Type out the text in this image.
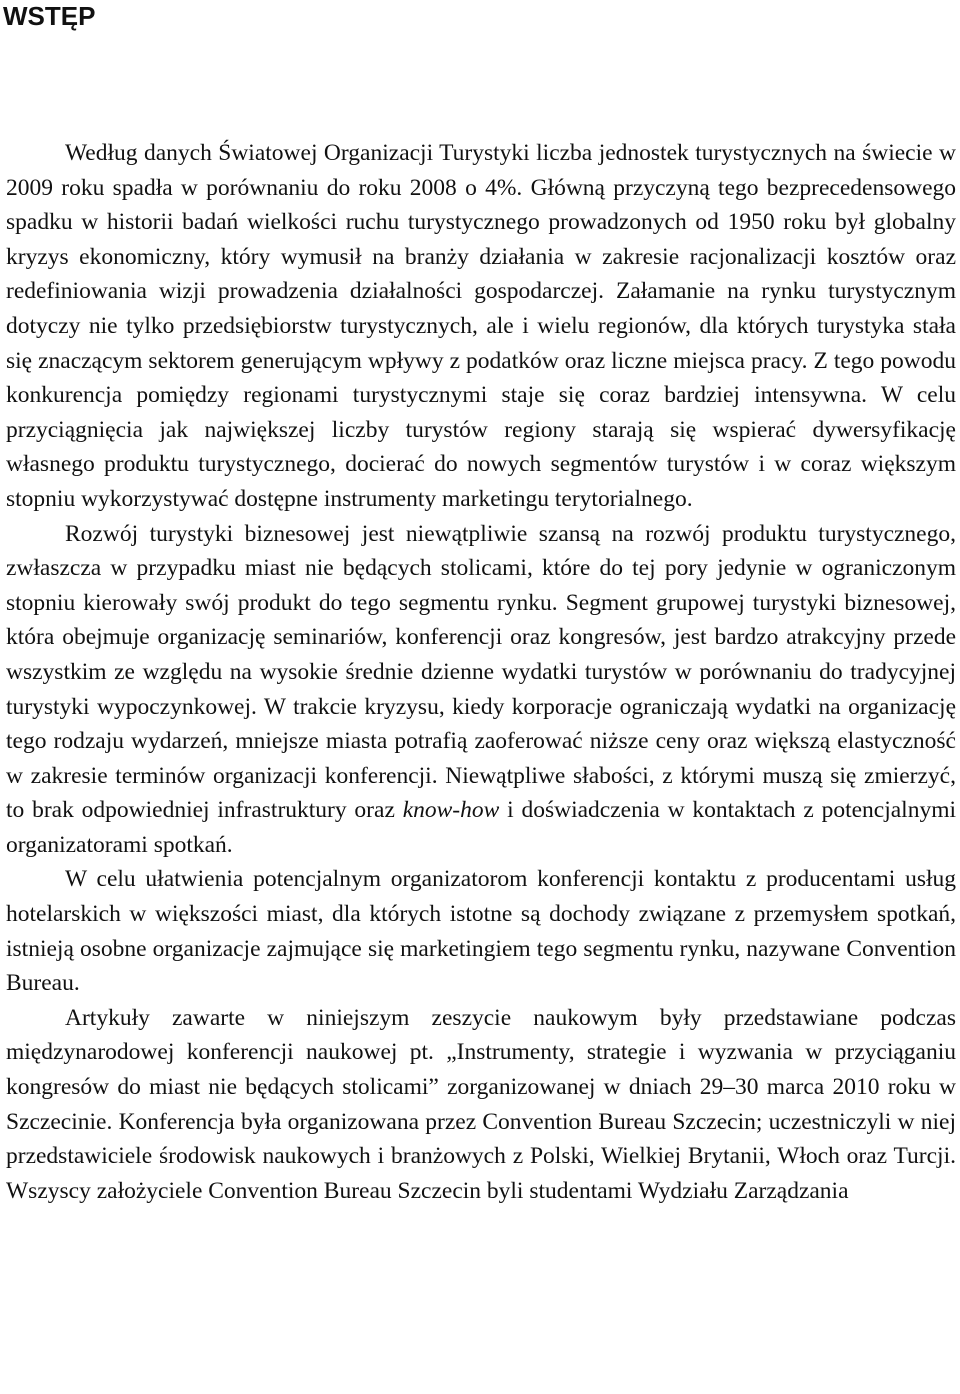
WSTĘP

Według danych Światowej Organizacji Turystyki liczba jednostek turystycznych na świecie w 2009 roku spadła w porównaniu do roku 2008 o 4%. Główną przyczyną tego bezprecedensowego spadku w historii badań wielkości ruchu turystycznego prowadzonych od 1950 roku był globalny kryzys ekonomiczny, który wymusił na branży działania w zakresie racjonalizacji kosztów oraz redefiniowania wizji prowadzenia działalności gospodarczej. Załamanie na rynku turystycznym dotyczy nie tylko przedsiębiorstw turystycznych, ale i wielu regionów, dla których turystyka stała się znaczącym sektorem generującym wpływy z podatków oraz liczne miejsca pracy. Z tego powodu konkurencja pomiędzy regionami turystycznymi staje się coraz bardziej intensywna. W celu przyciągnięcia jak największej liczby turystów regiony starają się wspierać dywersyfikację własnego produktu turystycznego, docierać do nowych segmentów turystów i w coraz większym stopniu wykorzystywać dostępne instrumenty marketingu terytorialnego.

Rozwój turystyki biznesowej jest niewątpliwie szansą na rozwój produktu turystycznego, zwłaszcza w przypadku miast nie będących stolicami, które do tej pory jedynie w ograniczonym stopniu kierowały swój produkt do tego segmentu rynku. Segment grupowej turystyki biznesowej, która obejmuje organizację seminariów, konferencji oraz kongresów, jest bardzo atrakcyjny przede wszystkim ze względu na wysokie średnie dzienne wydatki turystów w porównaniu do tradycyjnej turystyki wypoczynkowej. W trakcie kryzysu, kiedy korporacje ograniczają wydatki na organizację tego rodzaju wydarzeń, mniejsze miasta potrafią zaoferować niższe ceny oraz większą elastyczność w zakresie terminów organizacji konferencji. Niewątpliwe słabości, z którymi muszą się zmierzyć, to brak odpowiedniej infrastruktury oraz know-how i doświadczenia w kontaktach z potencjalnymi organizatorami spotkań.

W celu ułatwienia potencjalnym organizatorom konferencji kontaktu z producentami usług hotelarskich w większości miast, dla których istotne są dochody związane z przemysłem spotkań, istnieją osobne organizacje zajmujące się marketingiem tego segmentu rynku, nazywane Convention Bureau.

Artykuły zawarte w niniejszym zeszycie naukowym były przedstawiane podczas międzynarodowej konferencji naukowej pt. „Instrumenty, strategie i wyzwania w przyciąganiu kongresów do miast nie będących stolicami” zorganizowanej w dniach 29–30 marca 2010 roku w Szczecinie. Konferencja była organizowana przez Convention Bureau Szczecin; uczestniczyli w niej przedstawiciele środowisk naukowych i branżowych z Polski, Wielkiej Brytanii, Włoch oraz Turcji. Wszyscy założyciele Convention Bureau Szczecin byli studentami Wydziału Zarządzania
